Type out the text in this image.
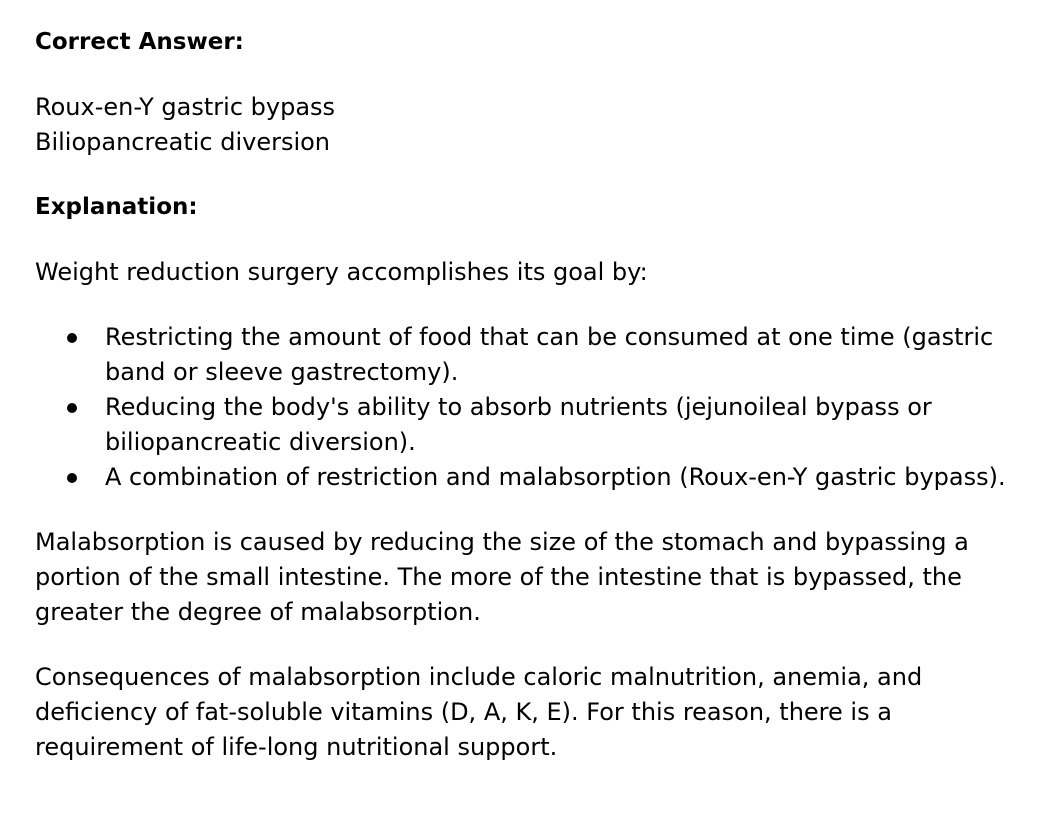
Correct Answer:
Roux-en-Y gastric bypass
Biliopancreatic diversion
Explanation:

Weight reduction surgery accomplishes its goal by:

Restricting the amount of food that can be consumed at one time (gastric band or sleeve gastrectomy).
Reducing the body's ability to absorb nutrients (jejunoileal bypass or biliopancreatic diversion).
A combination of restriction and malabsorption (Roux-en-Y gastric bypass).

Malabsorption is caused by reducing the size of the stomach and bypassing a portion of the small intestine. The more of the intestine that is bypassed, the greater the degree of malabsorption.

Consequences of malabsorption include caloric malnutrition, anemia, and deficiency of fat-soluble vitamins (D, A, K, E). For this reason, there is a requirement of life-long nutritional support.
